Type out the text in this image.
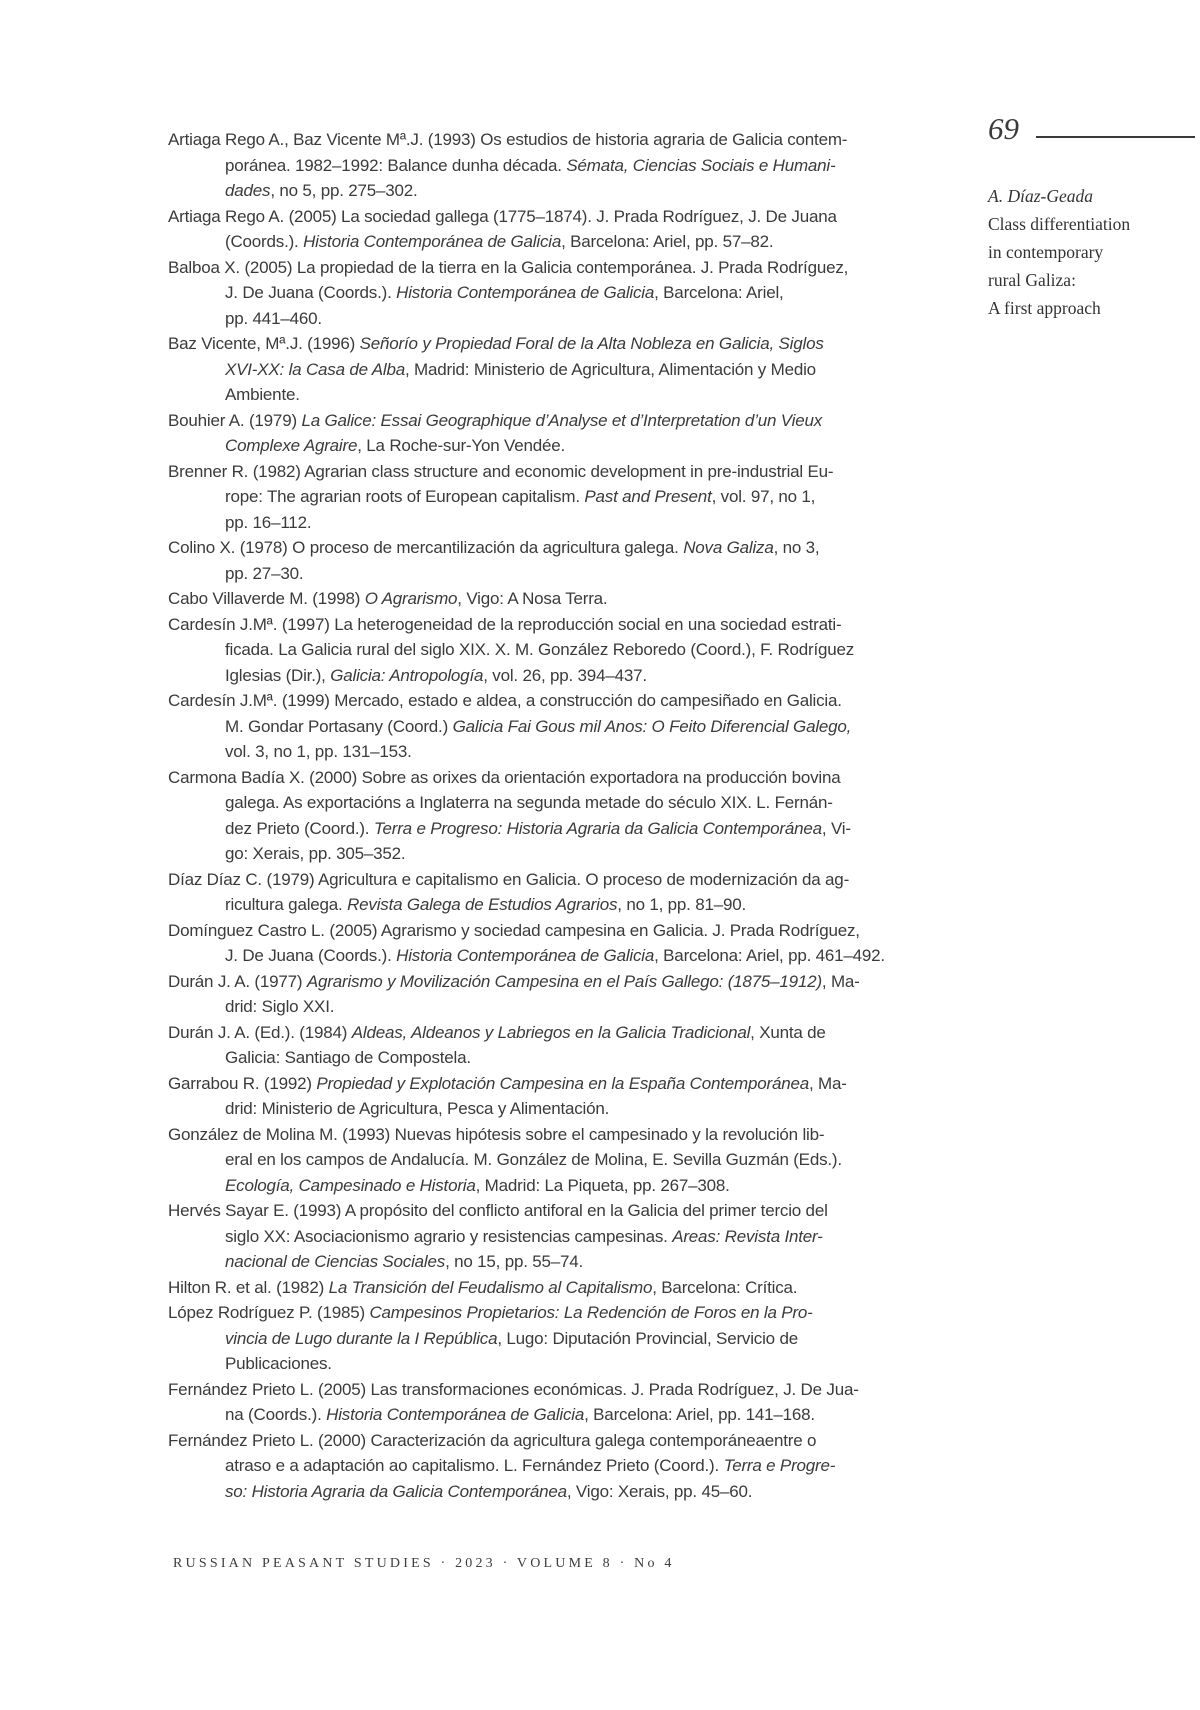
Artiaga Rego A., Baz Vicente Mª.J. (1993) Os estudios de historia agraria de Galicia contem-
poránea. 1982–1992: Balance dunha década. Sémata, Ciencias Sociais e Humani-
dades, no 5, pp. 275–302.
Artiaga Rego A. (2005) La sociedad gallega (1775–1874). J. Prada Rodríguez, J. De Juana
(Coords.). Historia Contemporánea de Galicia, Barcelona: Ariel, pp. 57–82.
Balboa X. (2005) La propiedad de la tierra en la Galicia contemporánea. J. Prada Rodríguez,
J. De Juana (Coords.). Historia Contemporánea de Galicia, Barcelona: Ariel,
pp. 441–460.
Baz Vicente, Mª.J. (1996) Señorío y Propiedad Foral de la Alta Nobleza en Galicia, Siglos
XVI-XX: la Casa de Alba, Madrid: Ministerio de Agricultura, Alimentación y Medio
Ambiente.
Bouhier A. (1979) La Galice: Essai Geographique d’Analyse et d’Interpretation d’un Vieux
Complexe Agraire, La Roche-sur-Yon Vendée.
Brenner R. (1982) Agrarian class structure and economic development in pre-industrial Eu-
rope: The agrarian roots of European capitalism. Past and Present, vol. 97, no 1,
pp. 16–112.
Colino X. (1978) O proceso de mercantilización da agricultura galega. Nova Galiza, no 3,
pp. 27–30.
Cabo Villaverde M. (1998) O Agrarismo, Vigo: A Nosa Terra.
Cardesín J.Mª. (1997) La heterogeneidad de la reproducción social en una sociedad estrati-
ficada. La Galicia rural del siglo XIX. X. M. González Reboredo (Coord.), F. Rodríguez
Iglesias (Dir.), Galicia: Antropología, vol. 26, pp. 394–437.
Cardesín J.Mª. (1999) Mercado, estado e aldea, a construcción do campesiñado en Galicia.
M. Gondar Portasany (Coord.) Galicia Fai Gous mil Anos: O Feito Diferencial Galego,
vol. 3, no 1, pp. 131–153.
Carmona Badía X. (2000) Sobre as orixes da orientación exportadora na producción bovina
galega. As exportacións a Inglaterra na segunda metade do século XIX. L. Fernán-
dez Prieto (Coord.). Terra e Progreso: Historia Agraria da Galicia Contemporánea, Vi-
go: Xerais, pp. 305–352.
Díaz Díaz C. (1979) Agricultura e capitalismo en Galicia. O proceso de modernización da ag-
ricultura galega. Revista Galega de Estudios Agrarios, no 1, pp. 81–90.
Domínguez Castro L. (2005) Agrarismo y sociedad campesina en Galicia. J. Prada Rodríguez,
J. De Juana (Coords.). Historia Contemporánea de Galicia, Barcelona: Ariel, pp. 461–492.
Durán J. A. (1977) Agrarismo y Movilización Campesina en el País Gallego: (1875–1912), Ma-
drid: Siglo XXI.
Durán J. A. (Ed.). (1984) Aldeas, Aldeanos y Labriegos en la Galicia Tradicional, Xunta de
Galicia: Santiago de Compostela.
Garrabou R. (1992) Propiedad y Explotación Campesina en la España Contemporánea, Ma-
drid: Ministerio de Agricultura, Pesca y Alimentación.
González de Molina M. (1993) Nuevas hipótesis sobre el campesinado y la revolución lib-
eral en los campos de Andalucía. M. González de Molina, E. Sevilla Guzmán (Eds.).
Ecología, Campesinado e Historia, Madrid: La Piqueta, pp. 267–308.
Hervés Sayar E. (1993) A propósito del conflicto antiforal en la Galicia del primer tercio del
siglo XX: Asociacionismo agrario y resistencias campesinas. Areas: Revista Inter-
nacional de Ciencias Sociales, no 15, pp. 55–74.
Hilton R. et al. (1982) La Transición del Feudalismo al Capitalismo, Barcelona: Crítica.
López Rodríguez P. (1985) Campesinos Propietarios: La Redención de Foros en la Pro-
vincia de Lugo durante la I República, Lugo: Diputación Provincial, Servicio de
Publicaciones.
Fernández Prieto L. (2005) Las transformaciones económicas. J. Prada Rodríguez, J. De Jua-
na (Coords.). Historia Contemporánea de Galicia, Barcelona: Ariel, pp. 141–168.
Fernández Prieto L. (2000) Caracterización da agricultura galega contemporáneaentre o
atraso e a adaptación ao capitalismo. L. Fernández Prieto (Coord.). Terra e Progre-
so: Historia Agraria da Galicia Contemporánea, Vigo: Xerais, pp. 45–60.
69
A. Díaz-Geada
Class differentiation
in contemporary
rural Galiza:
A first approach
RUSSIAN PEASANT STUDIES · 2023 · VOLUME 8 · No 4
